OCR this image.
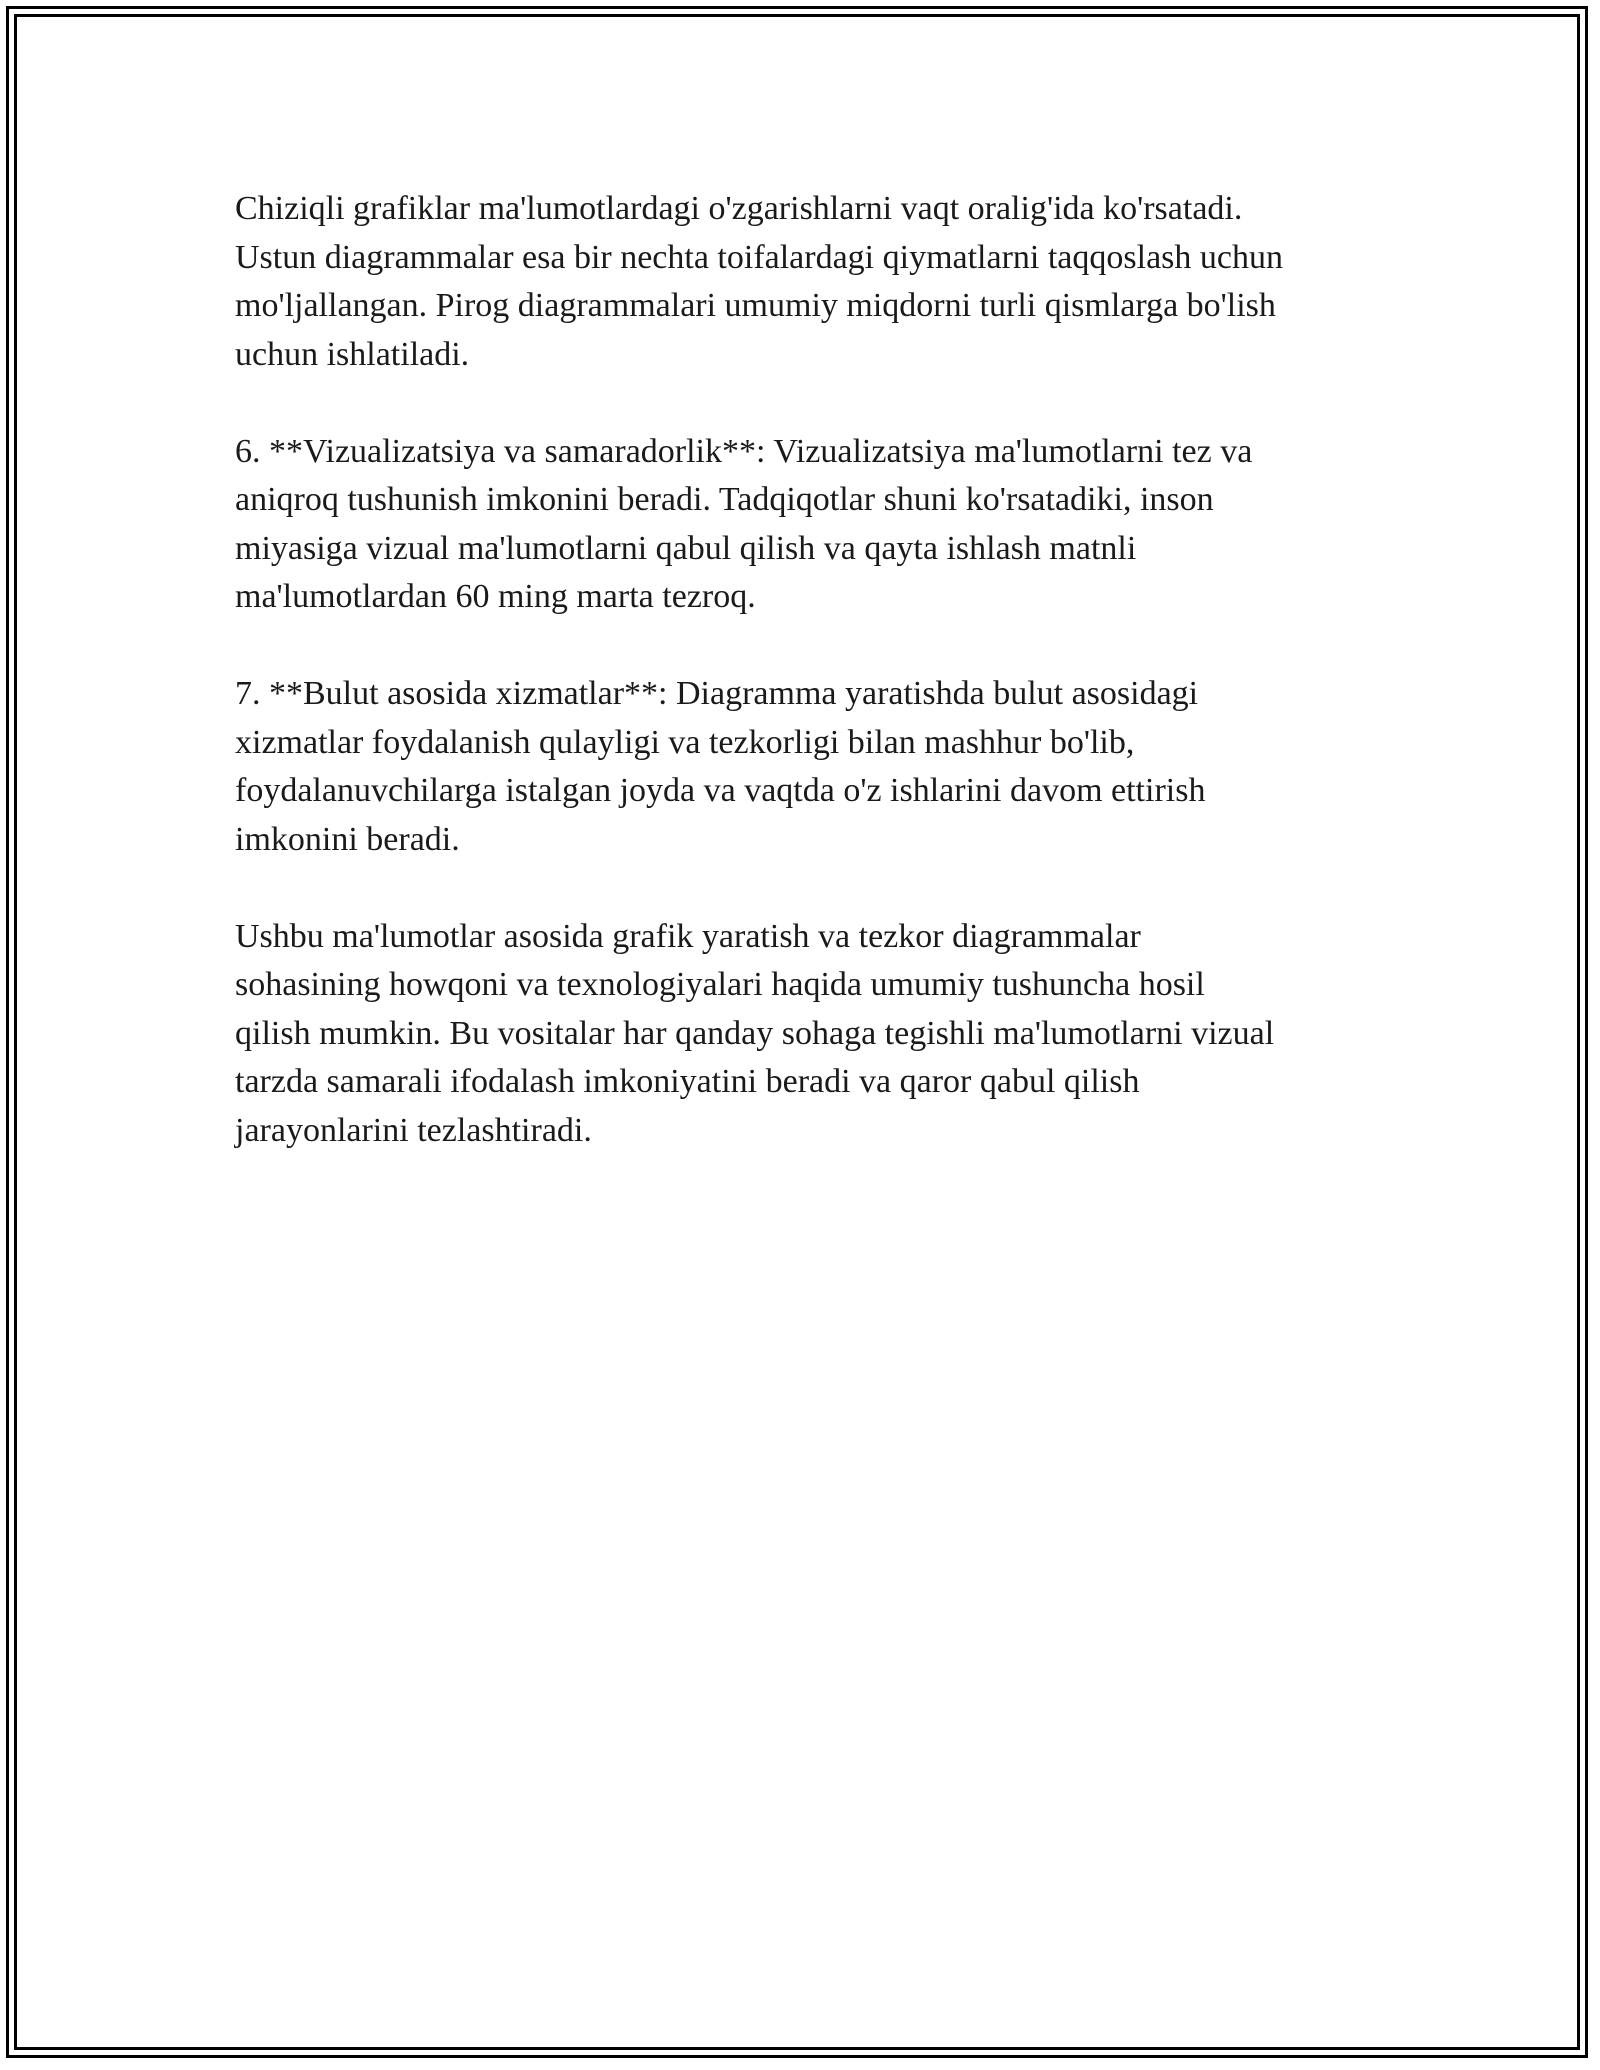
Chiziqli grafiklar ma'lumotlardagi o'zgarishlarni vaqt oralig'ida ko'rsatadi.
Ustun diagrammalar esa bir nechta toifalardagi qiymatlarni taqqoslash uchun
mo'ljallangan. Pirog diagrammalari umumiy miqdorni turli qismlarga bo'lish
uchun ishlatiladi.

6. **Vizualizatsiya va samaradorlik**: Vizualizatsiya ma'lumotlarni tez va
aniqroq tushunish imkonini beradi. Tadqiqotlar shuni ko'rsatadiki, inson
miyasiga vizual ma'lumotlarni qabul qilish va qayta ishlash matnli
ma'lumotlardan 60 ming marta tezroq.

7. **Bulut asosida xizmatlar**: Diagramma yaratishda bulut asosidagi
xizmatlar foydalanish qulayligi va tezkorligi bilan mashhur bo'lib,
foydalanuvchilarga istalgan joyda va vaqtda o'z ishlarini davom ettirish
imkonini beradi.

Ushbu ma'lumotlar asosida grafik yaratish va tezkor diagrammalar
sohasining howqoni va texnologiyalari haqida umumiy tushuncha hosil
qilish mumkin. Bu vositalar har qanday sohaga tegishli ma'lumotlarni vizual
tarzda samarali ifodalash imkoniyatini beradi va qaror qabul qilish
jarayonlarini tezlashtiradi.
